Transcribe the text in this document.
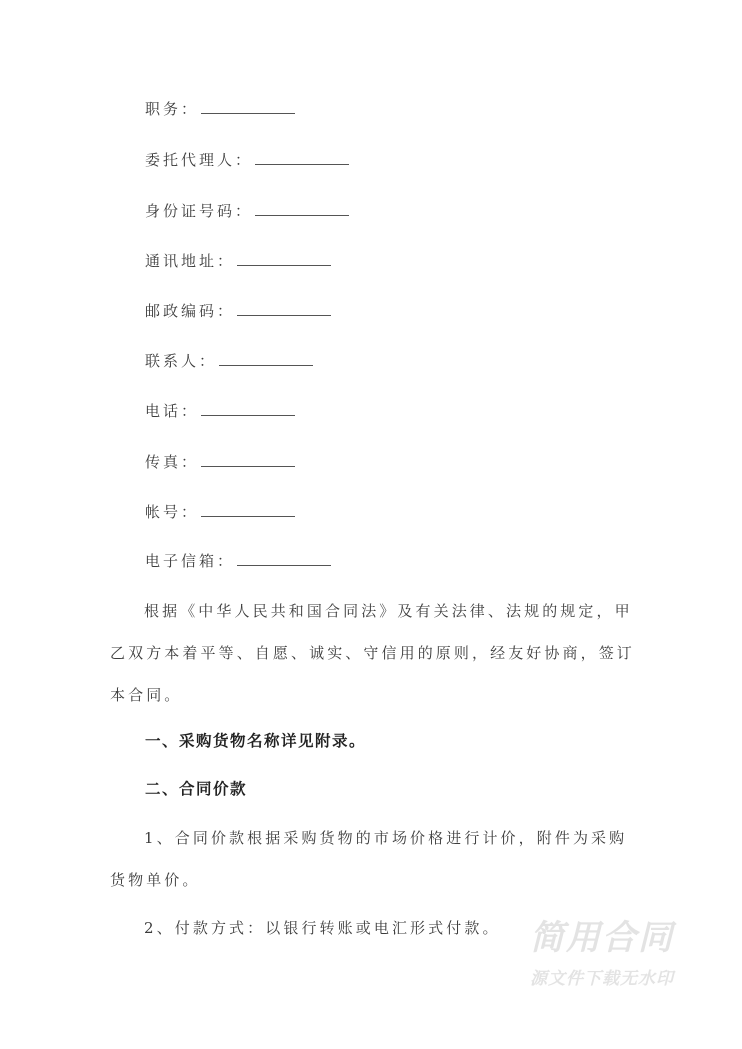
职务：
委托代理人：
身份证号码：
通讯地址：
邮政编码：
联系人：
电话：
传真：
帐号：
电子信箱：

根据《中华人民共和国合同法》及有关法律、法规的规定，甲乙双方本着平等、自愿、诚实、守信用的原则，经友好协商，签订本合同。

一、采购货物名称详见附录。
二、合同价款

1、合同价款根据采购货物的市场价格进行计价，附件为采购货物单价。

2、付款方式：以银行转账或电汇形式付款。 简用合同
源文件下载无水印
